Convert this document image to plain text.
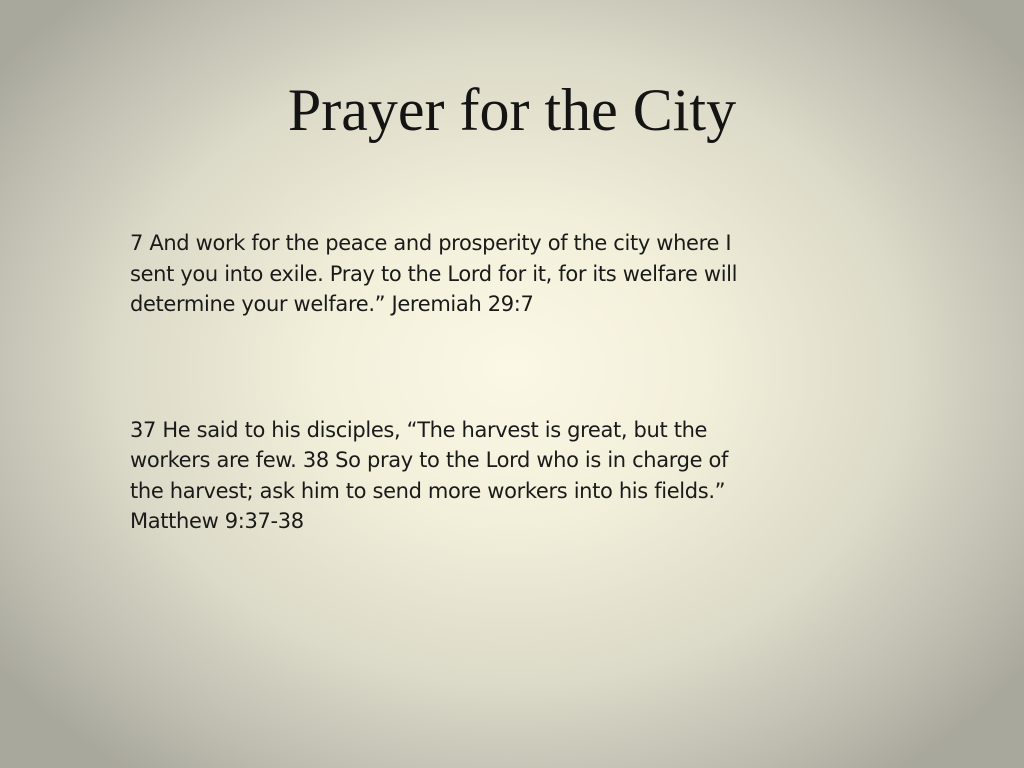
Prayer for the City

7 And work for the peace and prosperity of the city where I
sent you into exile. Pray to the Lord for it, for its welfare will
determine your welfare.” Jeremiah 29:7

37 He said to his disciples, “The harvest is great, but the
workers are few. 38 So pray to the Lord who is in charge of
the harvest; ask him to send more workers into his fields.”
Matthew 9:37-38
